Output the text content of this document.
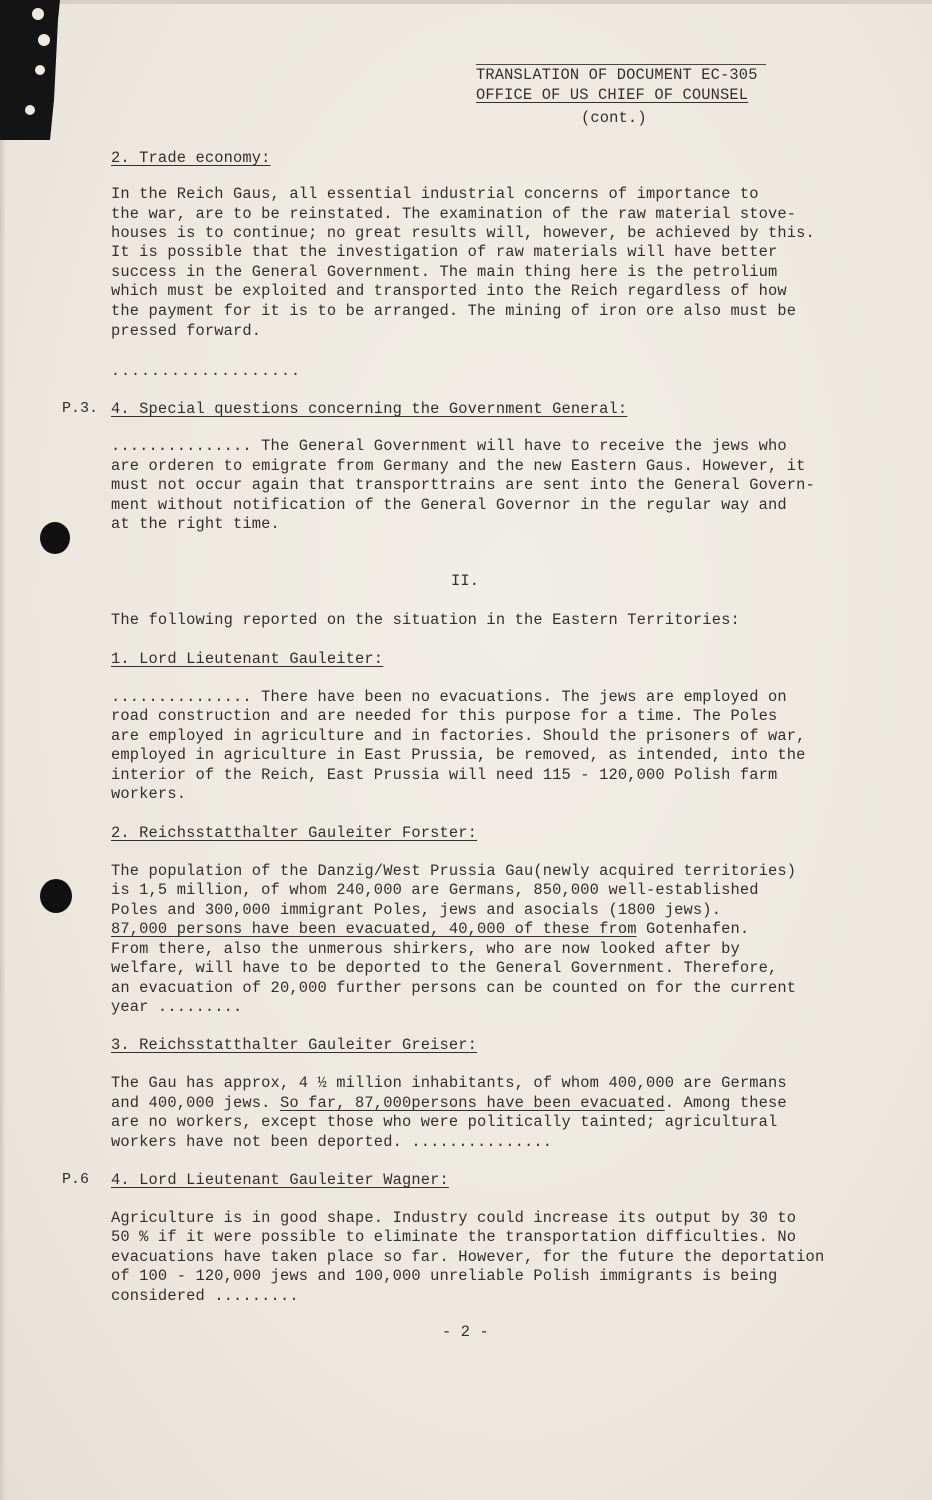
TRANSLATION OF DOCUMENT EC-305
OFFICE OF US CHIEF OF COUNSEL
(cont.)
2. Trade economy:
In the Reich Gaus, all essential industrial concerns of importance to
the war, are to be reinstated. The examination of the raw material stove-
houses is to continue; no great results will, however, be achieved by this.
It is possible that the investigation of raw materials will have better
success in the General Government. The main thing here is the petrolium
which must be exploited and transported into the Reich regardless of how
the payment for it is to be arranged. The mining of iron ore also must be
pressed forward.
...................
P.3. 4. Special questions concerning the Government General:
............... The General Government will have to receive the jews who
are orderen to emigrate from Germany and the new Eastern Gaus. However, it
must not occur again that transporttrains are sent into the General Govern-
ment without notification of the General Governor in the regular way and
at the right time.
II.
The following reported on the situation in the Eastern Territories:
1. Lord Lieutenant Gauleiter:
............... There have been no evacuations. The jews are employed on
road construction and are needed for this purpose for a time. The Poles
are employed in agriculture and in factories. Should the prisoners of war,
employed in agriculture in East Prussia, be removed, as intended, into the
interior of the Reich, East Prussia will need 115 - 120,000 Polish farm
workers.
2. Reichsstatthalter Gauleiter Forster:
The population of the Danzig/West Prussia Gau(newly acquired territories)
is 1,5 million, of whom 240,000 are Germans, 850,000 well-established
Poles and 300,000 immigrant Poles, jews and asocials (1800 jews).
87,000 persons have been evacuated, 40,000 of these from Gotenhafen.
From there, also the unmerous shirkers, who are now looked after by
welfare, will have to be deported to the General Government. Therefore,
an evacuation of 20,000 further persons can be counted on for the current
year .........
3. Reichsstatthalter Gauleiter Greiser:
The Gau has approx, 4 ½ million inhabitants, of whom 400,000 are Germans
and 400,000 jews. So far, 87,000persons have been evacuated. Among these
are no workers, except those who were politically tainted; agricultural
workers have not been deported. ...............
P.6 4. Lord Lieutenant Gauleiter Wagner:
Agriculture is in good shape. Industry could increase its output by 30 to
50 % if it were possible to eliminate the transportation difficulties. No
evacuations have taken place so far. However, for the future the deportation
of 100 - 120,000 jews and 100,000 unreliable Polish immigrants is being
considered .........
- 2 -
